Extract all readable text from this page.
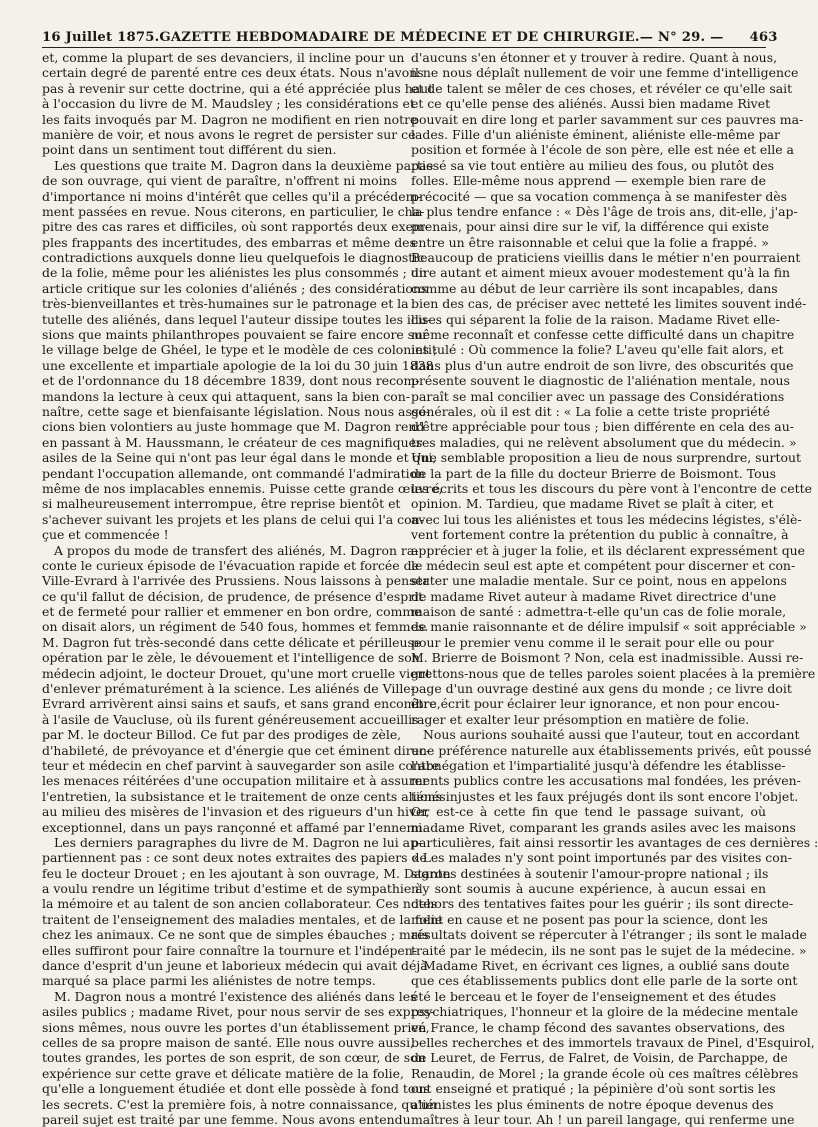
16 Juillet 1875. GAZETTE HEBDOMADAIRE DE MÉDECINE ET DE CHIRURGIE. — N° 29. — 463
et, comme la plupart de ses devanciers, il incline pour un
certain degré de parenté entre ces deux états. Nous n'avons
pas à revenir sur cette doctrine, qui a été appréciée plus haut
à l'occasion du livre de M. Maudsley ; les considérations et
les faits invoqués par M. Dagron ne modifient en rien notre
manière de voir, et nous avons le regret de persister sur ce
point dans un sentiment tout différent du sien.
Les questions que traite M. Dagron dans la deuxième partie
de son ouvrage, qui vient de paraître, n'offrent ni moins
d'importance ni moins d'intérêt que celles qu'il a précédem-
ment passées en revue. Nous citerons, en particulier, le cha-
pitre des cas rares et difficiles, où sont rapportés deux exem-
ples frappants des incertitudes, des embarras et même des
contradictions auxquels donne lieu quelquefois le diagnostic
de la folie, même pour les aliénistes les plus consommés ; un
article critique sur les colonies d'aliénés ; des considérations
très-bienveillantes et très-humaines sur le patronage et la
tutelle des aliénés, dans lequel l'auteur dissipe toutes les illu-
sions que maints philanthropes pouvaient se faire encore sur
le village belge de Ghéel, le type et le modèle de ces colonies ;
une excellente et impartiale apologie de la loi du 30 juin 1838
et de l'ordonnance du 18 décembre 1839, dont nous recom-
mandons la lecture à ceux qui attaquent, sans la bien con-
naître, cette sage et bienfaisante législation. Nous nous asso-
cions bien volontiers au juste hommage que M. Dagron rend
en passant à M. Haussmann, le créateur de ces magnifiques
asiles de la Seine qui n'ont pas leur égal dans le monde et qui,
pendant l'occupation allemande, ont commandé l'admiration
même de nos implacables ennemis. Puisse cette grande œuvre,
si malheureusement interrompue, être reprise bientôt et
s'achever suivant les projets et les plans de celui qui l'a con-
çue et commencée !
A propos du mode de transfert des aliénés, M. Dagron ra-
conte le curieux épisode de l'évacuation rapide et forcée de
Ville-Evrard à l'arrivée des Prussiens. Nous laissons à penser
ce qu'il fallut de décision, de prudence, de présence d'esprit
et de fermeté pour rallier et emmener en bon ordre, comme
on disait alors, un régiment de 540 fous, hommes et femmes.
M. Dagron fut très-secondé dans cette délicate et périlleuse
opération par le zèle, le dévouement et l'intelligence de son
médecin adjoint, le docteur Drouet, qu'une mort cruelle vient
d'enlever prématurément à la science. Les aliénés de Ville-
Evrard arrivèrent ainsi sains et saufs, et sans grand encombre,
à l'asile de Vaucluse, où ils furent généreusement accueillis
par M. le docteur Billod. Ce fut par des prodiges de zèle,
d'habileté, de prévoyance et d'énergie que cet éminent direc-
teur et médecin en chef parvint à sauvegarder son asile contre
les menaces réitérées d'une occupation militaire et à assurer
l'entretien, la subsistance et le traitement de onze cents aliénés
au milieu des misères de l'invasion et des rigueurs d'un hiver
exceptionnel, dans un pays rançonné et affamé par l'ennemi.
Les derniers paragraphes du livre de M. Dagron ne lui ap-
partiennent pas : ce sont deux notes extraites des papiers de
feu le docteur Drouet ; en les ajoutant à son ouvrage, M. Dagron
a voulu rendre un légitime tribut d'estime et de sympathie à
la mémoire et au talent de son ancien collaborateur. Ces notes
traitent de l'enseignement des maladies mentales, et de la folie
chez les animaux. Ce ne sont que de simples ébauches ; mais
elles suffiront pour faire connaître la tournure et l'indépen-
dance d'esprit d'un jeune et laborieux médecin qui avait déjà
marqué sa place parmi les aliénistes de notre temps.
M. Dagron nous a montré l'existence des aliénés dans les
asiles publics ; madame Rivet, pour nous servir de ses expres-
sions mêmes, nous ouvre les portes d'un établissement privé,
celles de sa propre maison de santé. Elle nous ouvre aussi,
toutes grandes, les portes de son esprit, de son cœur, de son
expérience sur cette grave et délicate matière de la folie,
qu'elle a longuement étudiée et dont elle possède à fond tous
les secrets. C'est la première fois, à notre connaissance, qu'un
pareil sujet est traité par une femme. Nous avons entendu
d'aucuns s'en étonner et y trouver à redire. Quant à nous,
il ne nous déplaît nullement de voir une femme d'intelligence
et de talent se mêler de ces choses, et révéler ce qu'elle sait
et ce qu'elle pense des aliénés. Aussi bien madame Rivet
pouvait en dire long et parler savamment sur ces pauvres ma-
lades. Fille d'un aliéniste éminent, aliéniste elle-même par
position et formée à l'école de son père, elle est née et elle a
passé sa vie tout entière au milieu des fous, ou plutôt des
folles. Elle-même nous apprend — exemple bien rare de
précocité — que sa vocation commença à se manifester dès
la plus tendre enfance : « Dès l'âge de trois ans, dit-elle, j'ap-
prenais, pour ainsi dire sur le vif, la différence qui existe
entre un être raisonnable et celui que la folie a frappé. »
Beaucoup de praticiens vieillis dans le métier n'en pourraient
dire autant et aiment mieux avouer modestement qu'à la fin
comme au début de leur carrière ils sont incapables, dans
bien des cas, de préciser avec netteté les limites souvent indé-
cises qui séparent la folie de la raison. Madame Rivet elle-
même reconnaît et confesse cette difficulté dans un chapitre
intitulé : Où commence la folie? L'aveu qu'elle fait alors, et
dans plus d'un autre endroit de son livre, des obscurités que
présente souvent le diagnostic de l'aliénation mentale, nous
paraît se mal concilier avec un passage des Considérations
générales, où il est dit : « La folie a cette triste propriété
d'être appréciable pour tous ; bien différente en cela des au-
tres maladies, qui ne relèvent absolument que du médecin. »
Une semblable proposition a lieu de nous surprendre, surtout
de la part de la fille du docteur Brierre de Boismont. Tous
les écrits et tous les discours du père vont à l'encontre de cette
opinion. M. Tardieu, que madame Rivet se plaît à citer, et
avec lui tous les aliénistes et tous les médecins légistes, s'élè-
vent fortement contre la prétention du public à connaître, à
apprécier et à juger la folie, et ils déclarent expressément que
le médecin seul est apte et compétent pour discerner et con-
stater une maladie mentale. Sur ce point, nous en appelons
de madame Rivet auteur à madame Rivet directrice d'une
maison de santé : admettra-t-elle qu'un cas de folie morale,
de manie raisonnante et de délire impulsif « soit appréciable »
pour le premier venu comme il le serait pour elle ou pour
M. Brierre de Boismont ? Non, cela est inadmissible. Aussi re-
grettons-nous que de telles paroles soient placées à la première
page d'un ouvrage destiné aux gens du monde ; ce livre doit
être écrit pour éclairer leur ignorance, et non pour encou-
rager et exalter leur présomption en matière de folie.
Nous aurions souhaité aussi que l'auteur, tout en accordant
une préférence naturelle aux établissements privés, eût poussé
l'abnégation et l'impartialité jusqu'à défendre les établisse-
ments publics contre les accusations mal fondées, les préven-
tions injustes et les faux préjugés dont ils sont encore l'objet.
Or, est-ce à cette fin que tend le passage suivant, où
madame Rivet, comparant les grands asiles avec les maisons
particulières, fait ainsi ressortir les avantages de ces dernières :
« Les malades n'y sont point importunés par des visites con-
stantes destinées à soutenir l'amour-propre national ; ils
n'y sont soumis à aucune expérience, à aucun essai en
dehors des tentatives faites pour les guérir ; ils sont directe-
ment en cause et ne posent pas pour la science, dont les
résultats doivent se répercuter à l'étranger ; ils sont le malade
traité par le médecin, ils ne sont pas le sujet de la médecine. »
Madame Rivet, en écrivant ces lignes, a oublié sans doute
que ces établissements publics dont elle parle de la sorte ont
été le berceau et le foyer de l'enseignement et des études
psychiatriques, l'honneur et la gloire de la médecine mentale
en France, le champ fécond des savantes observations, des
belles recherches et des immortels travaux de Pinel, d'Esquirol,
de Leuret, de Ferrus, de Falret, de Voisin, de Parchappe, de
Renaudin, de Morel ; la grande école où ces maîtres célèbres
ont enseigné et pratiqué ; la pépinière d'où sont sortis les
aliénistes les plus éminents de notre époque devenus des
maîtres à leur tour. Ah ! un pareil langage, qui renferme une
